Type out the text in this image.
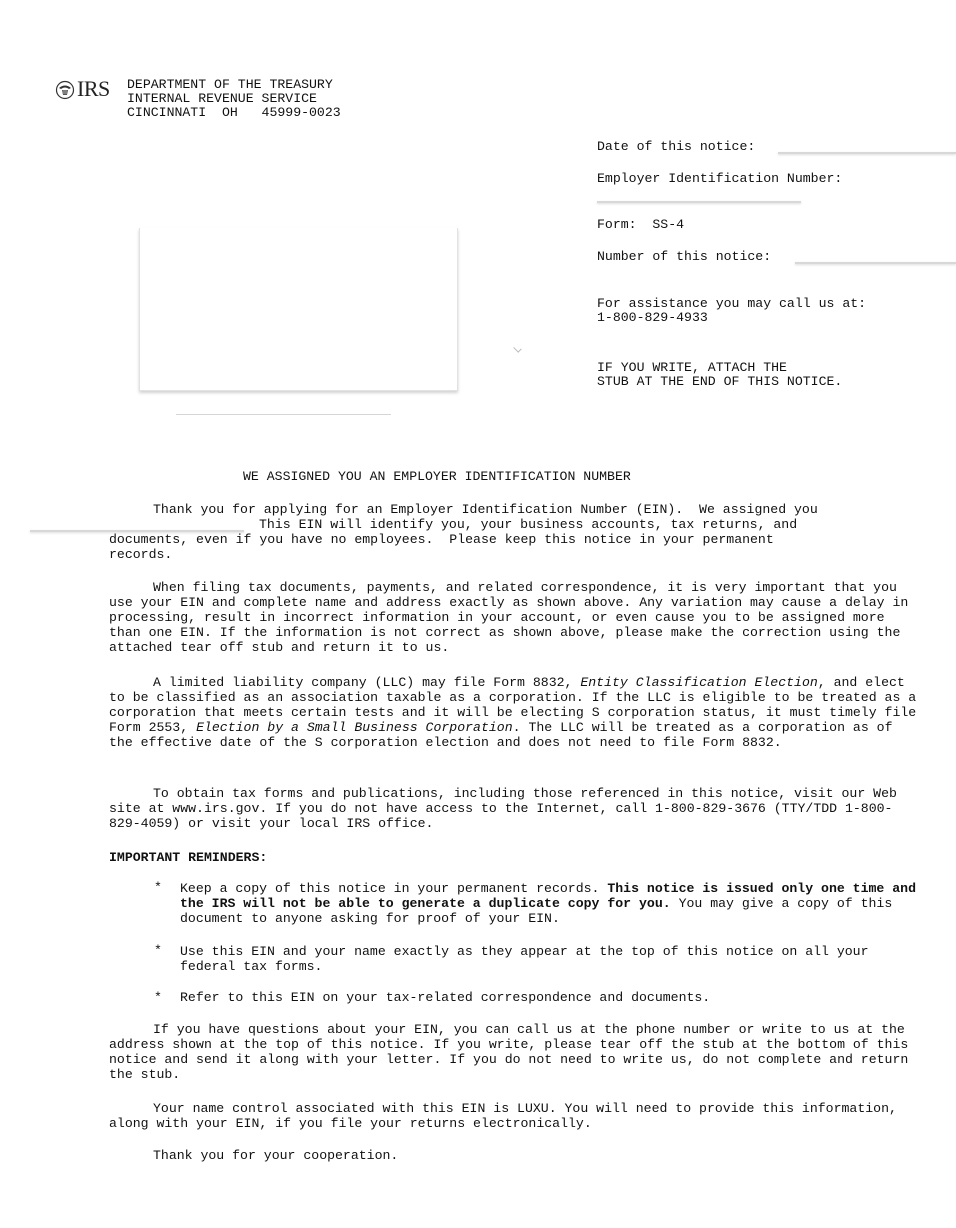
IRS DEPARTMENT OF THE TREASURY
INTERNAL REVENUE SERVICE
CINCINNATI  OH   45999-0023
Date of this notice:
Employer Identification Number:
Form:  SS-4
Number of this notice:
For assistance you may call us at:
1-800-829-4933
IF YOU WRITE, ATTACH THE
STUB AT THE END OF THIS NOTICE.
WE ASSIGNED YOU AN EMPLOYER IDENTIFICATION NUMBER
Thank you for applying for an Employer Identification Number (EIN).  We assigned you
This EIN will identify you, your business accounts, tax returns, and
documents, even if you have no employees.  Please keep this notice in your permanent
records.
When filing tax documents, payments, and related correspondence, it is very important that you use your EIN and complete name and address exactly as shown above. Any variation may cause a delay in processing, result in incorrect information in your account, or even cause you to be assigned more than one EIN. If the information is not correct as shown above, please make the correction using the attached tear off stub and return it to us.
A limited liability company (LLC) may file Form 8832, Entity Classification Election, and elect to be classified as an association taxable as a corporation. If the LLC is eligible to be treated as a corporation that meets certain tests and it will be electing S corporation status, it must timely file Form 2553, Election by a Small Business Corporation. The LLC will be treated as a corporation as of the effective date of the S corporation election and does not need to file Form 8832.
To obtain tax forms and publications, including those referenced in this notice, visit our Web site at www.irs.gov. If you do not have access to the Internet, call 1-800-829-3676 (TTY/TDD 1-800-829-4059) or visit your local IRS office.
IMPORTANT REMINDERS:
* Keep a copy of this notice in your permanent records. This notice is issued only one time and the IRS will not be able to generate a duplicate copy for you. You may give a copy of this document to anyone asking for proof of your EIN.
* Use this EIN and your name exactly as they appear at the top of this notice on all your federal tax forms.
* Refer to this EIN on your tax-related correspondence and documents.
If you have questions about your EIN, you can call us at the phone number or write to us at the address shown at the top of this notice. If you write, please tear off the stub at the bottom of this notice and send it along with your letter. If you do not need to write us, do not complete and return the stub.
Your name control associated with this EIN is LUXU. You will need to provide this information, along with your EIN, if you file your returns electronically.
Thank you for your cooperation.
